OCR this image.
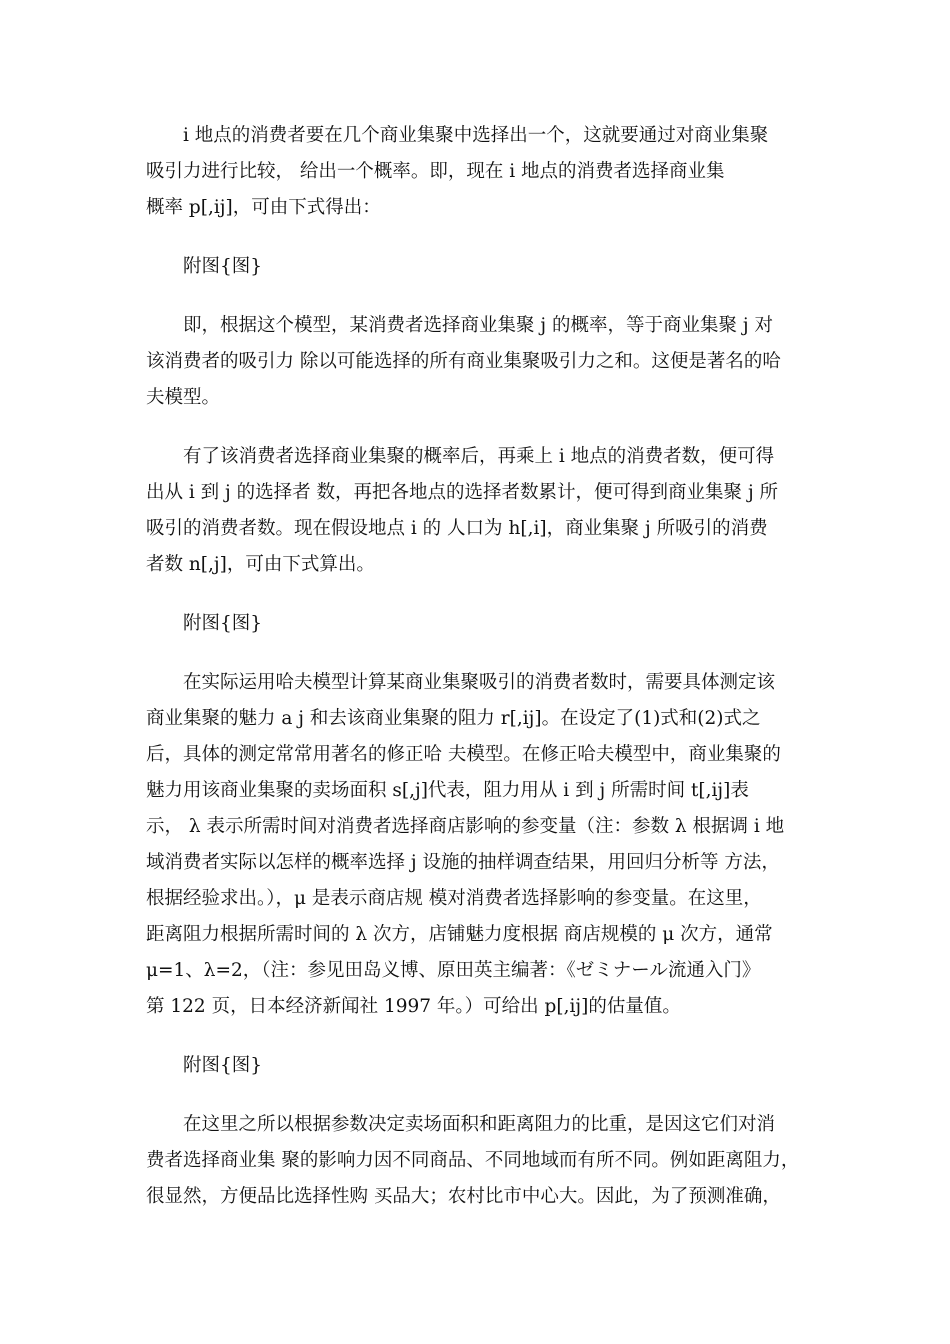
i 地点的消费者要在几个商业集聚中选择出一个，这就要通过对商业集聚
吸引力进行比较， 给出一个概率。即，现在 i 地点的消费者选择商业集
概率 p[,ij]，可由下式得出：
附图{图}
即，根据这个模型，某消费者选择商业集聚 j 的概率，等于商业集聚 j 对
该消费者的吸引力 除以可能选择的所有商业集聚吸引力之和。这便是著名的哈
夫模型。
有了该消费者选择商业集聚的概率后，再乘上 i 地点的消费者数，便可得
出从 i 到 j 的选择者 数，再把各地点的选择者数累计，便可得到商业集聚 j 所
吸引的消费者数。现在假设地点 i 的 人口为 h[,i]，商业集聚 j 所吸引的消费
者数 n[,j]，可由下式算出。
附图{图}
在实际运用哈夫模型计算某商业集聚吸引的消费者数时，需要具体测定该
商业集聚的魅力 a j 和去该商业集聚的阻力 r[,ij]。在设定了(1)式和(2)式之
后，具体的测定常常用著名的修正哈 夫模型。在修正哈夫模型中，商业集聚的
魅力用该商业集聚的卖场面积 s[,j]代表，阻力用从 i 到 j 所需时间 t[,ij]表
示， λ 表示所需时间对消费者选择商店影响的参变量（注：参数 λ 根据调 i 地
域消费者实际以怎样的概率选择 j 设施的抽样调查结果，用回归分析等 方法，
根据经验求出。），μ 是表示商店规 模对消费者选择影响的参变量。在这里，
距离阻力根据所需时间的 λ 次方，店铺魅力度根据 商店规模的 μ 次方，通常
μ=1、λ=2，（注：参见田岛义博、原田英主编著：《ゼミナール流通入门》
第 122 页，日本经济新闻社 1997 年。）可给出 p[,ij]的估量值。
附图{图}
在这里之所以根据参数决定卖场面积和距离阻力的比重，是因这它们对消
费者选择商业集 聚的影响力因不同商品、不同地域而有所不同。例如距离阻力，
很显然，方便品比选择性购 买品大；农村比市中心大。因此，为了预测准确，
